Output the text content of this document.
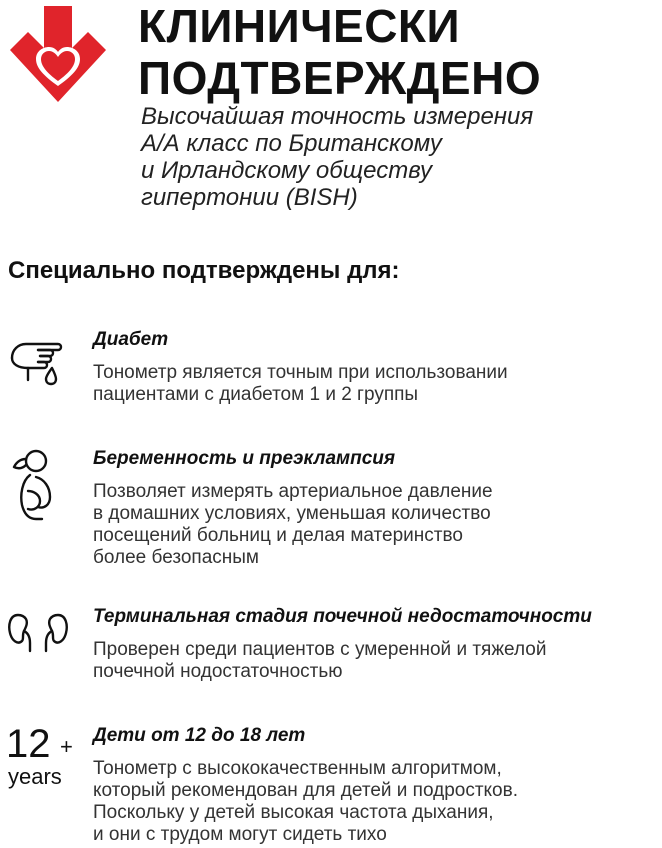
КЛИНИЧЕСКИ
ПОДТВЕРЖДЕНО
Высочайшая точность измерения
А/А класс по Британскому
и Ирландскому обществу
гипертонии (BISH)
Специально подтверждены для:
Диабет
Тонометр является точным при использовании
пациентами с диабетом 1 и 2 группы
Беременность и преэклампсия
Позволяет измерять артериальное давление
в домашних условиях, уменьшая количество
посещений больниц и делая материнство
более безопасным
Терминальная стадия почечной недостаточности
Проверен среди пациентов с умеренной и тяжелой
почечной нодостаточностью
12 +
years
Дети от 12 до 18 лет
Тонометр с высококачественным алгоритмом,
который рекомендован для детей и подростков.
Поскольку у детей высокая частота дыхания,
и они с трудом могут сидеть тихо
